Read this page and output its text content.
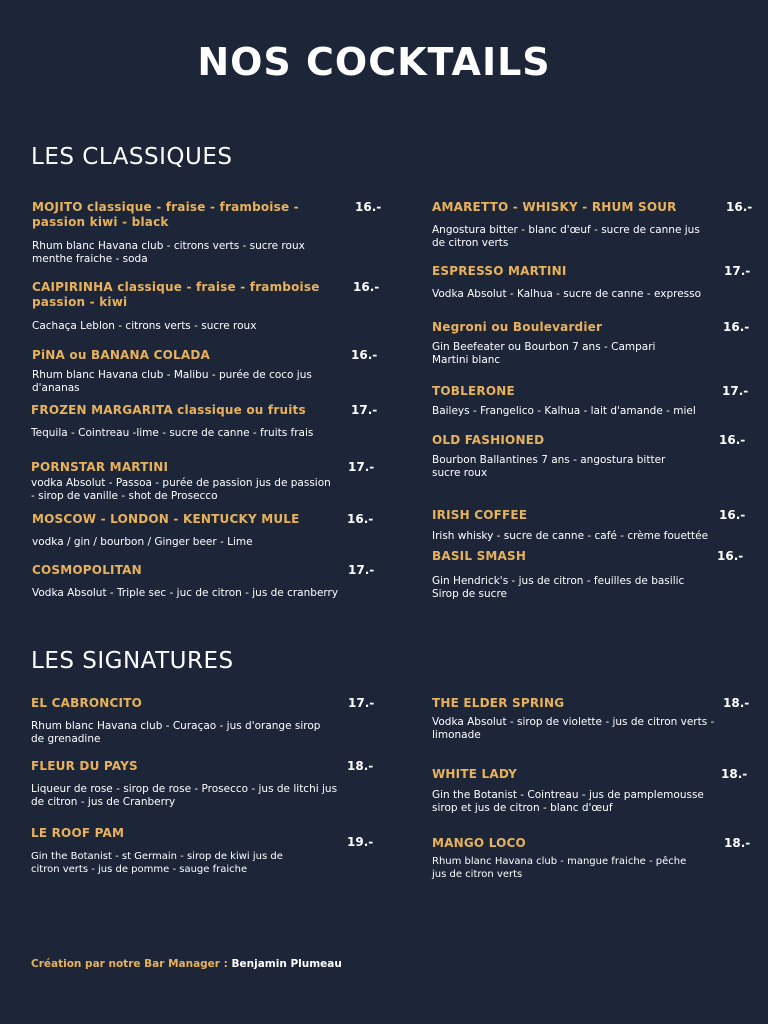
NOS COCKTAILS
LES CLASSIQUES
LES SIGNATURES
MOJITO classique - fraise - framboise - passion kiwi - black
16.-
Rhum blanc Havana club - citrons verts - sucre roux menthe fraiche - soda
CAIPIRINHA classique - fraise - framboise passion - kiwi
16.-
Cachaça Leblon - citrons verts - sucre roux
PiNA ou BANANA COLADA	16.-
Rhum blanc Havana club - Malibu - purée de coco jus d'ananas
FROZEN MARGARITA classique ou fruits	17.-
Tequila - Cointreau -lime - sucre de canne - fruits frais
PORNSTAR MARTINI	17.-
vodka Absolut - Passoa - purée de passion jus de passion - sirop de vanille - shot de Prosecco
MOSCOW - LONDON - KENTUCKY MULE	16.-
vodka / gin / bourbon / Ginger beer - Lime
COSMOPOLITAN	17.-
Vodka Absolut - Triple sec - juc de citron - jus de cranberry
AMARETTO - WHISKY - RHUM SOUR	16.-
Angostura bitter - blanc d'œuf - sucre de canne jus de citron verts
ESPRESSO MARTINI	17.-
Vodka Absolut - Kalhua - sucre de canne - expresso
Negroni ou Boulevardier	16.-
Gin Beefeater ou Bourbon 7 ans - Campari Martini blanc
TOBLERONE	17.-
Baileys - Frangelico - Kalhua - lait d'amande - miel
OLD FASHIONED	16.-
Bourbon Ballantines 7 ans - angostura bitter sucre roux
IRISH COFFEE	16.-
Irish whisky - sucre de canne - café - crème fouettée
BASIL SMASH	16.-
Gin Hendrick's - jus de citron - feuilles de basilic Sirop de sucre
EL CABRONCITO	17.-
Rhum blanc Havana club - Curaçao - jus d'orange sirop de grenadine
FLEUR DU PAYS	18.-
Liqueur de rose - sirop de rose - Prosecco - jus de litchi jus de citron - jus de Cranberry
LE ROOF PAM
19.-
Gin the Botanist - st Germain - sirop de kiwi jus de citron verts - jus de pomme - sauge fraiche
THE ELDER SPRING	18.-
Vodka Absolut - sirop de violette - jus de citron verts - limonade
WHITE LADY	18.-
Gin the Botanist - Cointreau - jus de pamplemousse sirop et jus de citron - blanc d'œuf
MANGO LOCO	18.-
Rhum blanc Havana club - mangue fraiche - pêche jus de citron verts
Création par notre Bar Manager : Benjamin Plumeau
